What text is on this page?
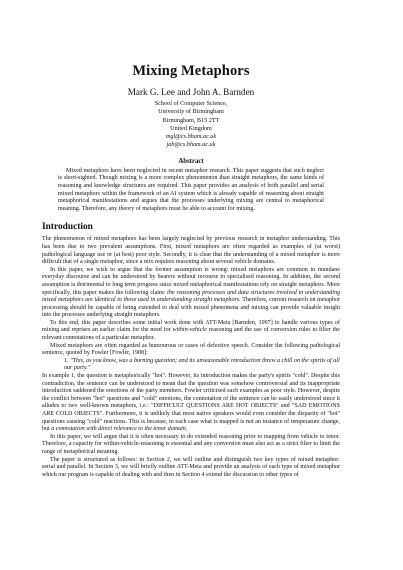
Mixing Metaphors
Mark G. Lee and John A. Barnden
School of Computer Science,
University of Birmingham
Birmingham, B15 2TT
United Kingdom
mgl@cs.bham.ac.uk
jab@cs.bham.ac.uk
Abstract
Mixed metaphors have been neglected in recent metaphor research. This paper suggests that such neglect is short-sighted. Though mixing is a more complex phenomenon than straight metaphors, the same kinds of reasoning and knowledge structures are required. This paper provides an analysis of both parallel and serial mixed metaphors within the framework of an AI system which is already capable of reasoning about straight metaphorical manifestations and argues that the processes underlying mixing are central to metaphorical meaning. Therefore, any theory of metaphors must be able to account for mixing.
Introduction

The phenomenon of mixed metaphors has been largely neglected by previous research in metaphor understanding. This has been due to two prevalent assumptions. First, mixed metaphors are often regarded as examples of (at worst) pathological language use or (at best) poor style. Secondly, it is clear that the understanding of a mixed metaphor is more difficult that of a single metaphor, since a mix requires reasoning about several vehicle domains.

In this paper, we wish to argue that the former assumption is wrong: mixed metaphors are common in mundane everyday discourse and can be understood by hearers without recourse to specialised reasoning. In addition, the second assumption is detrimental to long term progress since mixed metaphorical manifestations rely on straight metaphors. More specifically, this paper makes the following claim: the reasoning processes and data structures involved in understanding mixed metaphors are identical to those used in understanding straight metaphors. Therefore, current research on metaphor processing should be capable of being extended to deal with mixed phenomena and mixing can provide valuable insight into the processes underlying straight metaphors.

To this end, this paper describes some initial work done with ATT-Meta [Barnden, 1997] to handle various types of mixing and reprises an earlier claim for the need for within-vehicle reasoning and the use of conversion rules to filter the relevant connotations of a particular metaphor.

Mixed metaphors are often regarded as humourous or cases of defective speech. Consider the following pathological sentence, quoted by Fowler [Fowler, 1908]:

1. "This, as you know, was a burning question; and its unseasonable introduction threw a chill on the spirits of all our party."

In example 1, the question is metaphorically "hot". However, its introduction makes the party's spirits "cold". Despite this contradiction, the sentence can be understood to mean that the question was somehow controversial and its inappropriate introduction saddened the emotions of the party members. Fowler criticised such examples as poor style. However, despite the conflict between "hot" questions and "cold" emotions, the connotation of the sentence can be easily understood since it alludes to two well-known metaphors, i.e.: "DIFFICULT QUESTIONS ARE HOT OBJECTS" and "SAD EMOTIONS ARE COLD OBJECTS". Furthermore, it is unlikely that most native speakers would even consider the disparity of "hot" questions causing "cold" reactions. This is because, in each case what is mapped is not an instance of temperature change, but a connotation with direct relevance to the tenor domain.

In this paper, we will argue that it is often necessary to do extended reasoning prior to mapping from vehicle to tenor. Therefore, a capacity for within-vehicle-reasoning is essential and any conversion must also act as a strict filter to limit the range of metaphorical meaning.

The paper is structured as follows: in Section 2, we will outline and distinguish two key types of mixed metaphor: serial and parallel. In Section 3, we will briefly outline ATT-Meta and provide an analysis of each type of mixed metaphor which our program is capable of dealing with and then in Section 4 extend the discussion to other types of
